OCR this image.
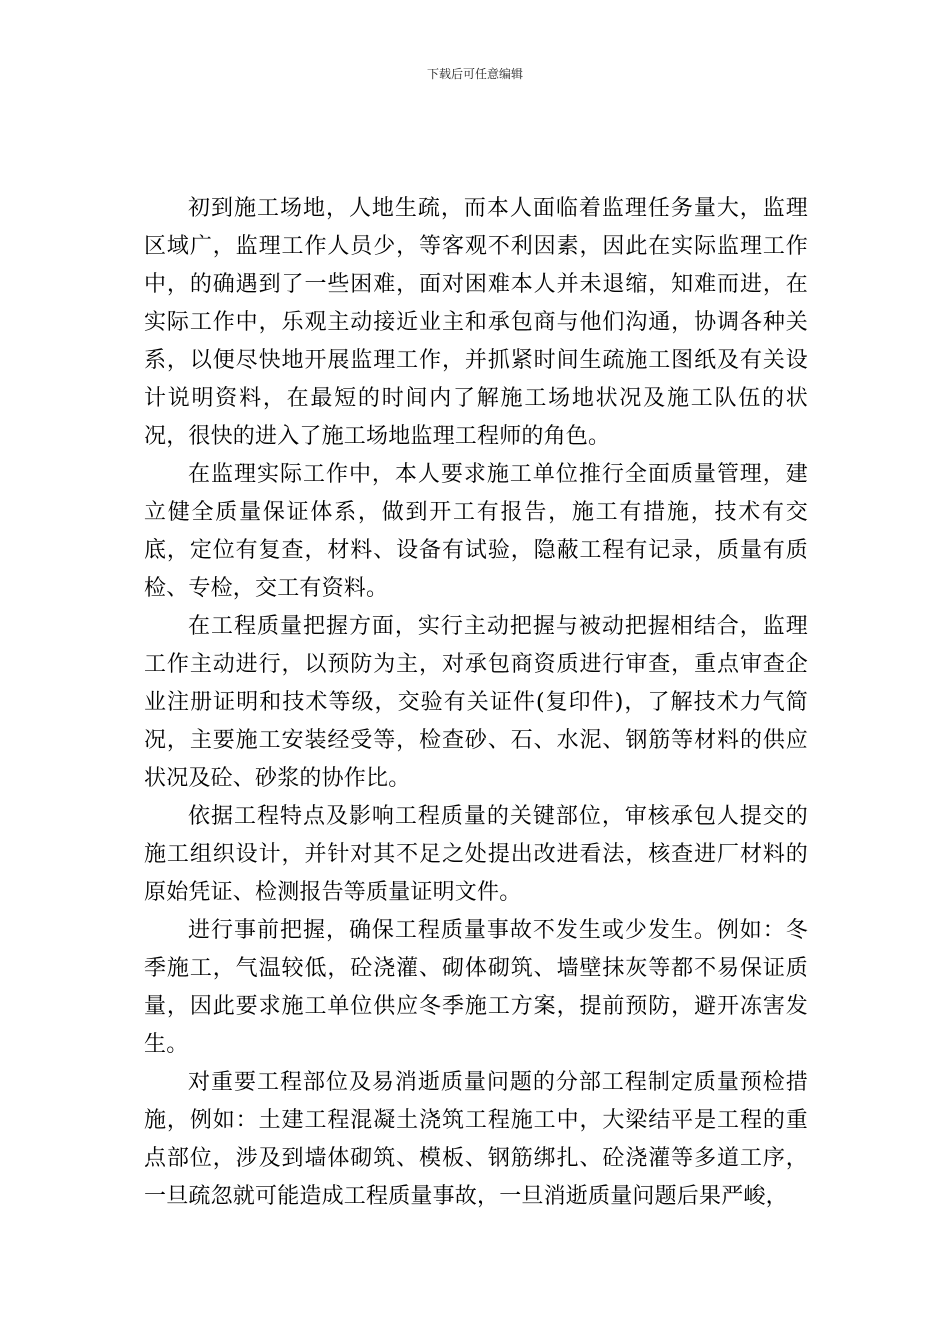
下载后可任意编辑

初到施工场地，人地生疏，而本人面临着监理任务量大，监理区域广，监理工作人员少，等客观不利因素，因此在实际监理工作中，的确遇到了一些困难，面对困难本人并未退缩，知难而进，在实际工作中，乐观主动接近业主和承包商与他们沟通，协调各种关系，以便尽快地开展监理工作，并抓紧时间生疏施工图纸及有关设计说明资料，在最短的时间内了解施工场地状况及施工队伍的状况，很快的进入了施工场地监理工程师的角色。

在监理实际工作中，本人要求施工单位推行全面质量管理，建立健全质量保证体系，做到开工有报告，施工有措施，技术有交底，定位有复查，材料、设备有试验，隐蔽工程有记录，质量有质检、专检，交工有资料。

在工程质量把握方面，实行主动把握与被动把握相结合，监理工作主动进行，以预防为主，对承包商资质进行审查，重点审查企业注册证明和技术等级，交验有关证件(复印件)，了解技术力气简况，主要施工安装经受等，检查砂、石、水泥、钢筋等材料的供应状况及砼、砂浆的协作比。

依据工程特点及影响工程质量的关键部位，审核承包人提交的施工组织设计，并针对其不足之处提出改进看法，核查进厂材料的原始凭证、检测报告等质量证明文件。

进行事前把握，确保工程质量事故不发生或少发生。例如：冬季施工，气温较低，砼浇灌、砌体砌筑、墙壁抹灰等都不易保证质量，因此要求施工单位供应冬季施工方案，提前预防，避开冻害发生。

对重要工程部位及易消逝质量问题的分部工程制定质量预检措施，例如：土建工程混凝土浇筑工程施工中，大梁结平是工程的重点部位，涉及到墙体砌筑、模板、钢筋绑扎、砼浇灌等多道工序，一旦疏忽就可能造成工程质量事故，一旦消逝质量问题后果严峻，
